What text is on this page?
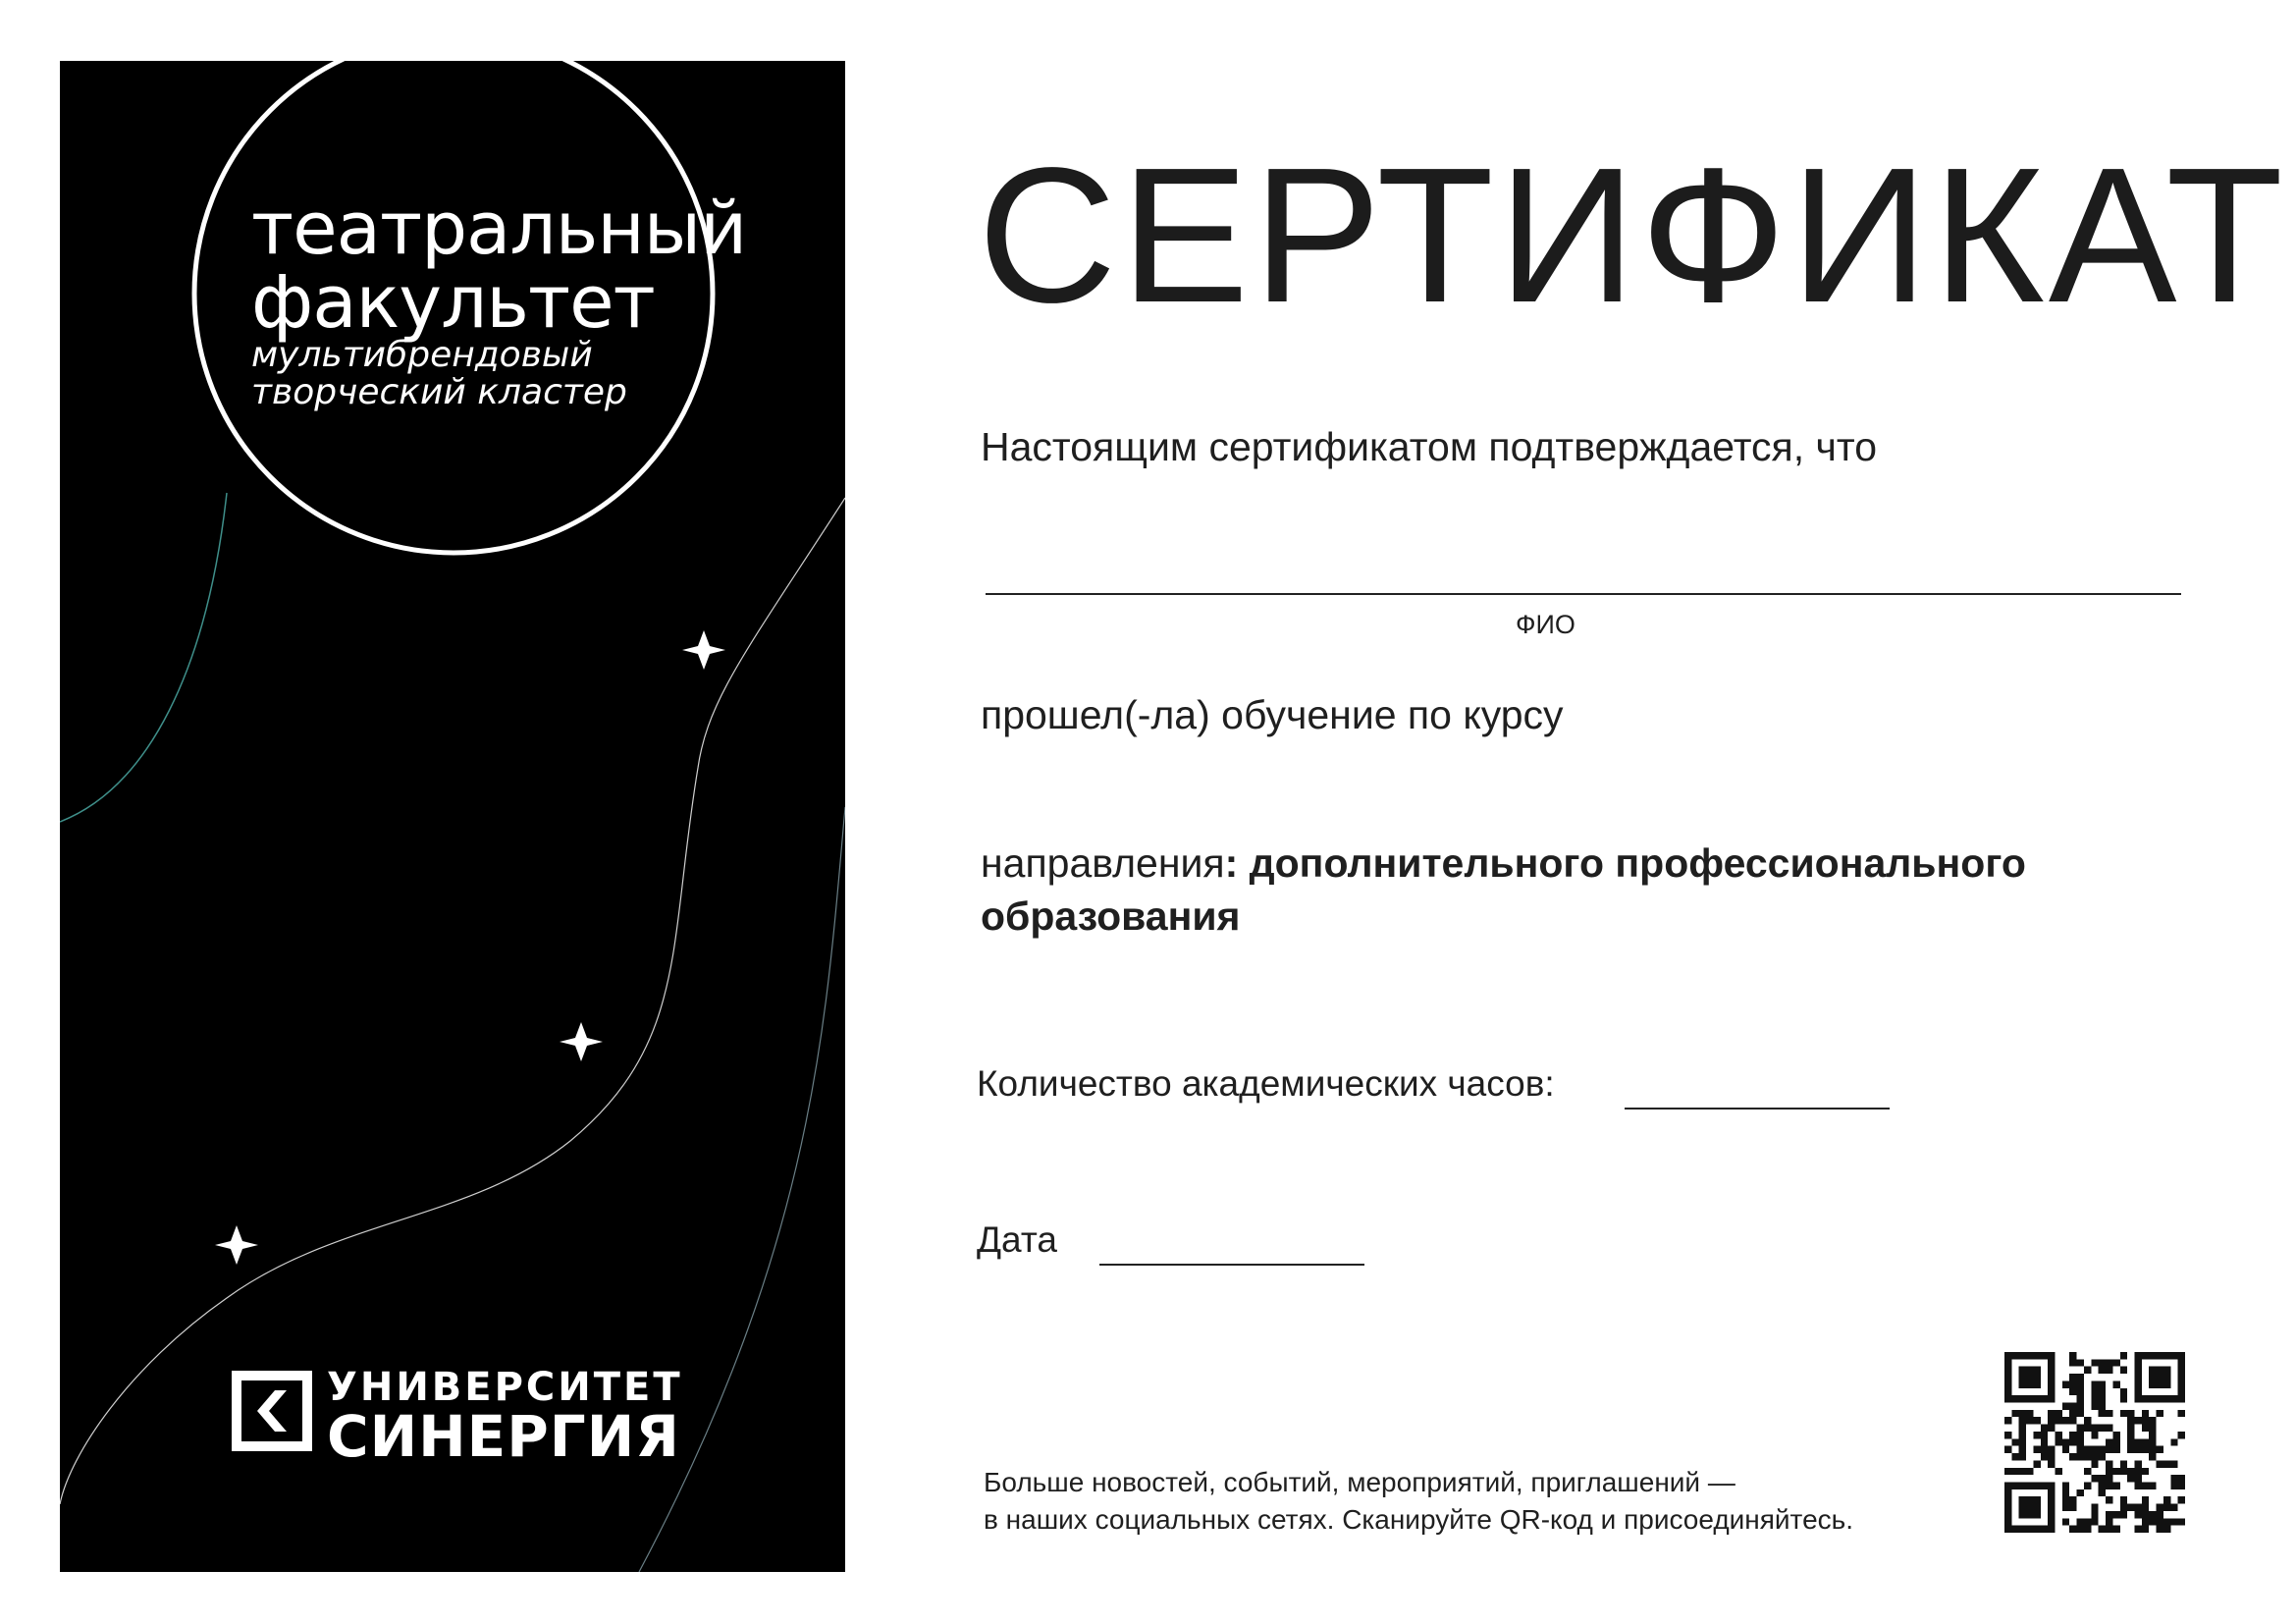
театральный
факультет
мультибрендовый
творческий кластер
УНИВЕРСИТЕТ
СИНЕРГИЯ
СЕРТИФИКАТ
Настоящим сертификатом подтверждается, что
ФИО
прошел(-ла) обучение по курсу
направления: дополнительного профессионального образования
Количество академических часов:
Дата
Больше новостей, событий, мероприятий, приглашений —
в наших социальных сетях. Сканируйте QR-код и присоединяйтесь.
